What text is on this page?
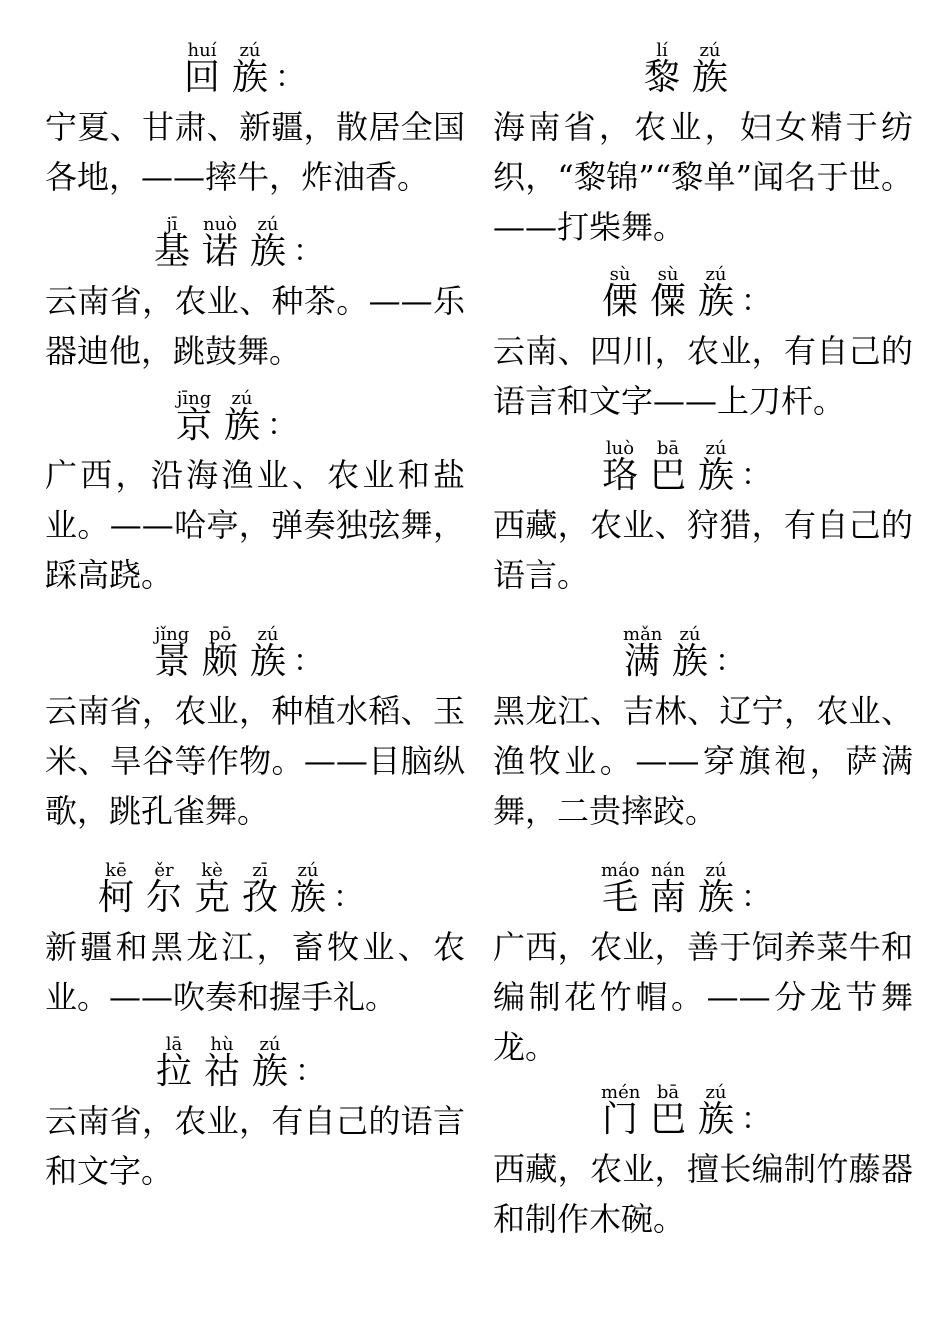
huí
回
zú
族 ：

宁夏、甘肃、新疆，散居全国各地，——摔牛，炸油香。

jī
基
nuò
诺
zú
族 ：

云南省，农业、种茶。——乐器迪他，跳鼓舞。

jīng
京
zú
族 ：

广西，沿海渔业、农业和盐业。——哈亭，弹奏独弦舞，踩高跷。

jǐng
景
pō
颇
zú
族 ：

云南省，农业，种植水稻、玉米、旱谷等作物。——目脑纵歌，跳孔雀舞。

kē
柯
ěr
尔
kè
克
zī
孜
zú
族 ：

新疆和黑龙江，畜牧业、农业。——吹奏和握手礼。

lā
拉
hù
祜
zú
族 ：

云南省，农业，有自己的语言和文字。

lí
黎
zú
族

海南省，农业，妇女精于纺织，“黎锦”“黎单”闻名于世。——打柴舞。

sù
傈
sù
僳
zú
族 ：

云南、四川，农业，有自己的语言和文字——上刀杆。

luò
珞
bā
巴
zú
族 ：

西藏，农业、狩猎，有自己的语言。

mǎn
满
zú
族 ：

黑龙江、吉林、辽宁，农业、渔牧业。——穿旗袍，萨满舞，二贵摔跤。

máo
毛
nán
南
zú
族 ：

广西，农业，善于饲养菜牛和编制花竹帽。——分龙节舞龙。

mén
门
bā
巴
zú
族 ：

西藏，农业，擅长编制竹藤器和制作木碗。
